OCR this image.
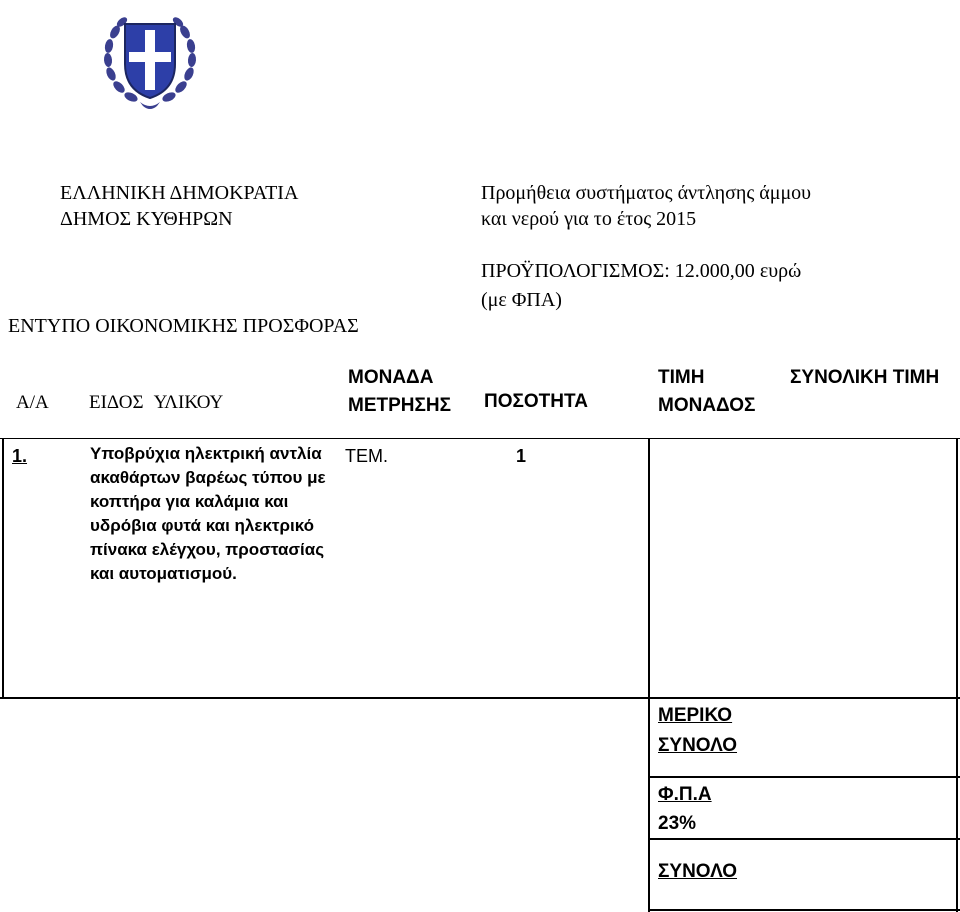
ΕΛΛΗΝΙΚΗ ΔΗΜΟΚΡΑΤΙΑ
ΔΗΜΟΣ ΚΥΘΗΡΩΝ
ΕΝΤΥΠΟ ΟΙΚΟΝΟΜΙΚΗΣ ΠΡΟΣΦΟΡΑΣ
Προμήθεια συστήματος άντλησης άμμου
και νερού για το έτος 2015
ΠΡΟΫΠΟΛΟΓΙΣΜΟΣ: 12.000,00 ευρώ
(με ΦΠΑ)
Α/Α ΕΙΔΟΣ ΥΛΙΚΟΥ
ΜΟΝΑΔΑ
ΜΕΤΡΗΣΗΣ ΠΟΣΟΤΗΤΑ
ΤΙΜΗ
ΜΟΝΑΔΟΣ
ΣΥΝΟΛΙΚΗ ΤΙΜΗ
1.	Υποβρύχια ηλεκτρική αντλία ακαθάρτων βαρέως τύπου με κοπτήρα για καλάμια και υδρόβια φυτά και ηλεκτρικό πίνακα ελέγχου, προστασίας και αυτοματισμού.
ΤΕΜ.	1
ΜΕΡΙΚΟ
ΣΥΝΟΛΟ
Φ.Π.Α
23%
ΣΥΝΟΛΟ
